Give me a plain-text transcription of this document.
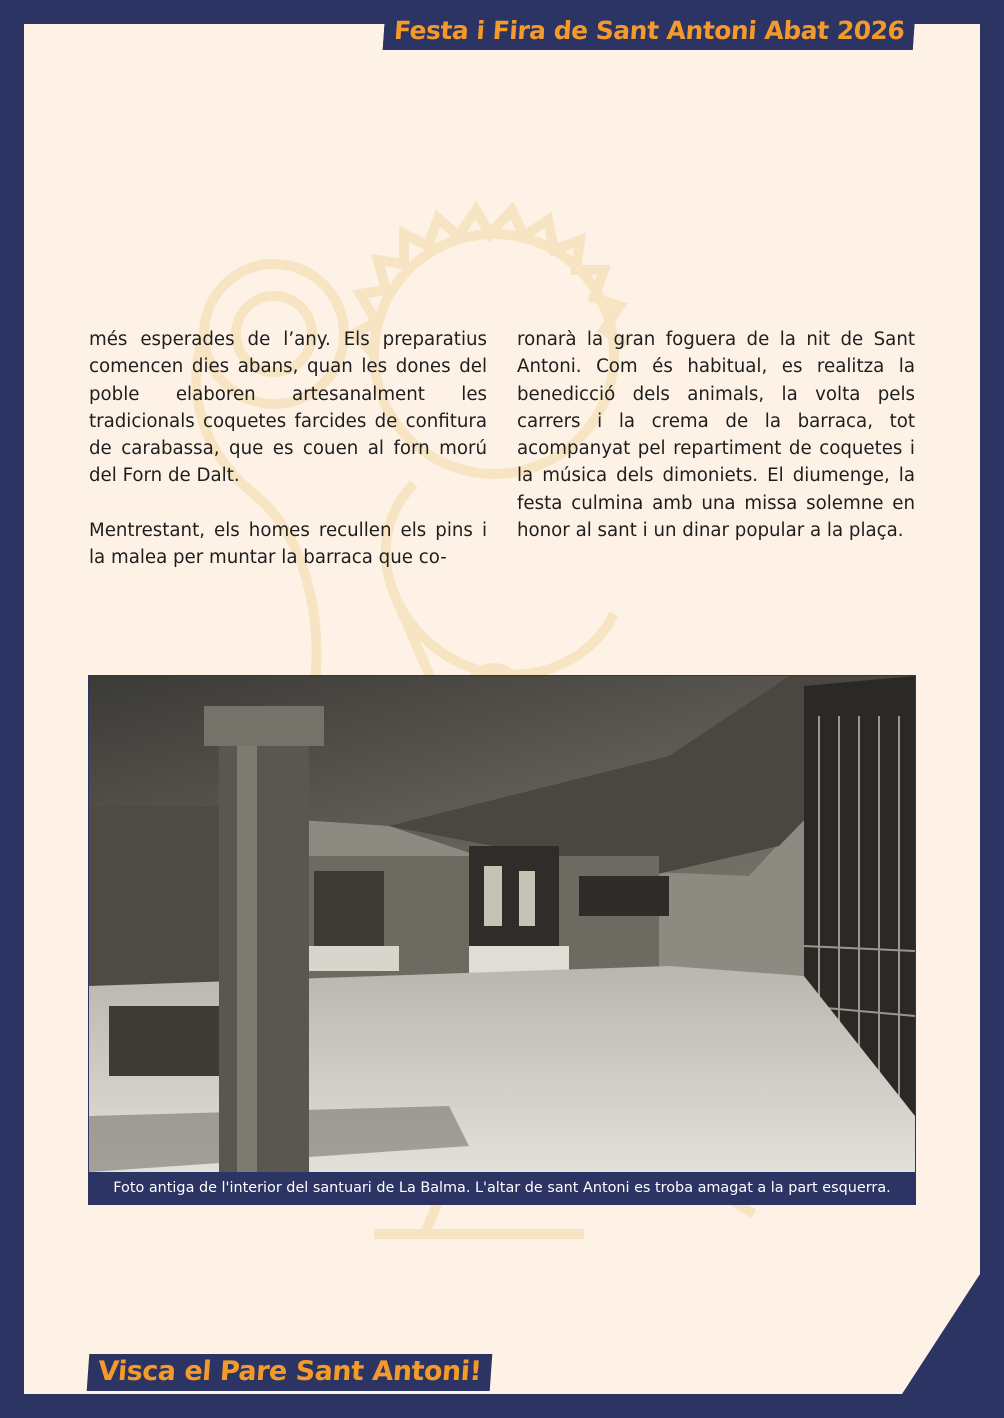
Festa i Fira de Sant Antoni Abat 2026

més esperades de l’any. Els preparatius comencen dies abans, quan les dones del poble elaboren artesanalment les tradicionals coquetes farcides de confitura de carabassa, que es couen al forn morú del Forn de Dalt.

Mentrestant, els homes recullen els pins i la malea per muntar la barraca que co-

ronarà la gran foguera de la nit de Sant Antoni. Com és habitual, es realitza la benedicció dels animals, la volta pels carrers i la crema de la barraca, tot acompanyat pel repartiment de coquetes i la música dels dimoniets. El diumenge, la festa culmina amb una missa solemne en honor al sant i un dinar popular a la plaça.

Foto antiga de l'interior del santuari de La Balma. L'altar de sant Antoni es troba amagat a la part esquerra.
Visca el Pare Sant Antoni!
